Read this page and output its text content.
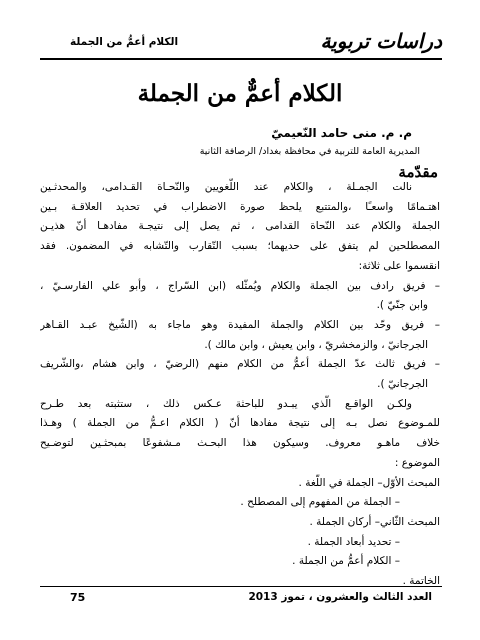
دراسات تربوية
الكلام أعمُّ من الجملة
الكلام أعمٌّ من الجملة
م. م. منى حامد النّعيميّ
المديرية العامة للتربية في محافظة بغداد/ الرصافة الثانية
مقدّمة
نالت الجمـلة ، والكلام عند اللّغويين والنّحـاة القـدامى، والمحدثـين
اهتـمامًا واسعـًا ،والمتتبع يلحظ صورة الاضطراب في تحديد العلاقـة بـين
الجملة والكلام عند النّحاة القدامى ، ثم يصل إلى نتيجـة مفادهـا أنّ هذيـن
المصطلحين لم يتفق على حديهما؛ بسبب التّقارب والتّشابه في المضمون. فقد
انقسموا على ثلاثة:
– فريق رادف بين الجملة والكلام ويُمثّله (ابن السّراج ، وأبو علي الفارسـيّ ،
وابن جنّيّ ).
– فريق وحّد بين الكلام والجملة المفيدة وهو ماجاء به (الشّيخ عبـد القـاهر
الجرجانيّ ، والزمخشريّ ، وابن يعيش ، وابن مالك ).
– فريق ثالث عدّ الجملة أعمُّ من الكلام منهم (الرضيّ ، وابن هشام ،والشّريف
الجرجانيّ ).
ولكـن الواقـع الّذي يبـدو للباحثة عـكس ذلك ، ستثبته بعد طـرح
للمـوضوع نصل بـه إلى نتيجة مفادها أنّ ( الكلام اعـمُّ من الجملة ) وهـذا
خلاف ماهـو معروف. وسيكون هذا البحـث مـشفوعًا بمبحثـين لتوضـيح
الموضوع :
المبحث الأوّل– الجملة في اللّغة .
– الجملة من المفهوم إلى المصطلح .
المبحث الثّاني– أركان الجملة .
– تحديد أبعاد الجملة .
– الكلام أعمُّ من الجملة .
الخاتمة .
العدد الثالث والعشرون ، تموز 2013
75
